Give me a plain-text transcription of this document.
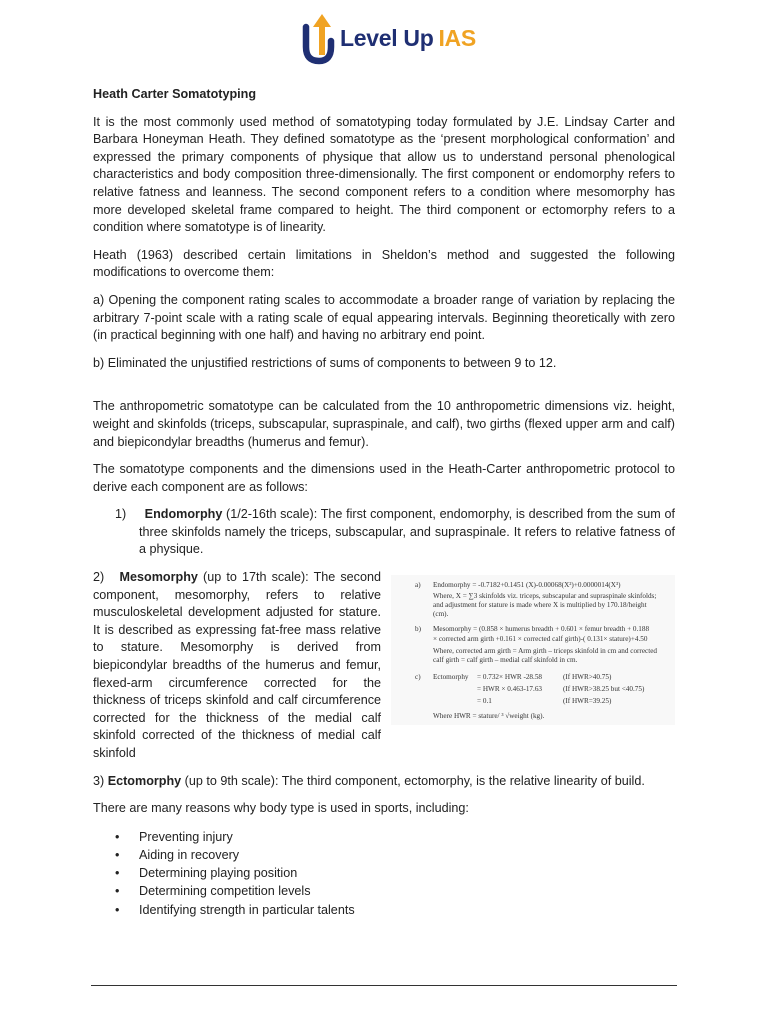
Level Up IAS

Heath Carter Somatotyping

It is the most commonly used method of somatotyping today formulated by J.E. Lindsay Carter and Barbara Honeyman Heath. They defined somatotype as the ‘present morphological conformation’ and expressed the primary components of physique that allow us to understand personal phenological characteristics and body composition three-dimensionally. The first component or endomorphy refers to relative fatness and leanness. The second component refers to a condition where mesomorphy has more developed skeletal frame compared to height. The third component or ectomorphy refers to a condition where somatotype is of linearity.

Heath (1963) described certain limitations in Sheldon’s method and suggested the following modifications to overcome them:

a) Opening the component rating scales to accommodate a broader range of variation by replacing the arbitrary 7-point scale with a rating scale of equal appearing intervals. Beginning theoretically with zero (in practical beginning with one half) and having no arbitrary end point.

b) Eliminated the unjustified restrictions of sums of components to between 9 to 12.

The anthropometric somatotype can be calculated from the 10 anthropometric dimensions viz. height, weight and skinfolds (triceps, subscapular, supraspinale, and calf), two girths (flexed upper arm and calf) and biepicondylar breadths (humerus and femur).

The somatotype components and the dimensions used in the Heath-Carter anthropometric protocol to derive each component are as follows:

1) Endomorphy (1/2-16th scale): The first component, endomorphy, is described from the sum of three skinfolds namely the triceps, subscapular, and supraspinale. It refers to relative fatness of a physique.
a) Endomorphy = -0.7182+0.1451 (X)-0.00068(X²)+0.0000014(X³)
Where, X = ∑3 skinfolds viz. triceps, subscapular and supraspinale skinfolds;
and adjustment for stature is made where X is multiplied by 170.18/height
(cm).
b) Mesomorphy = (0.858 × humerus breadth + 0.601 × femur breadth + 0.188
× corrected arm girth +0.161 × corrected calf girth)-( 0.131× stature)+4.50
Where, corrected arm girth = Arm girth – triceps skinfold in cm and corrected
calf girth = calf girth – medial calf skinfold in cm.
c) Ectomorphy = 0.732× HWR -28.58	(If HWR>40.75)
= HWR × 0.463-17.63	(If HWR>38.25 but <40.75)
= 0.1	(If HWR=39.25)
Where HWR = stature/ ³ √weight (kg).
2) Mesomorphy (up to 17th scale): The second component, mesomorphy, refers to relative musculoskeletal development adjusted for stature. It is described as expressing fat-free mass relative to stature. Mesomorphy is derived from biepicondylar breadths of the humerus and femur, flexed-arm circumference corrected for the thickness of triceps skinfold and calf circumference corrected for the thickness of the medial calf skinfold corrected of the thickness of medial calf skinfold

3) Ectomorphy (up to 9th scale): The third component, ectomorphy, is the relative linearity of build.

There are many reasons why body type is used in sports, including:

• Preventing injury
• Aiding in recovery
• Determining playing position
• Determining competition levels
• Identifying strength in particular talents
